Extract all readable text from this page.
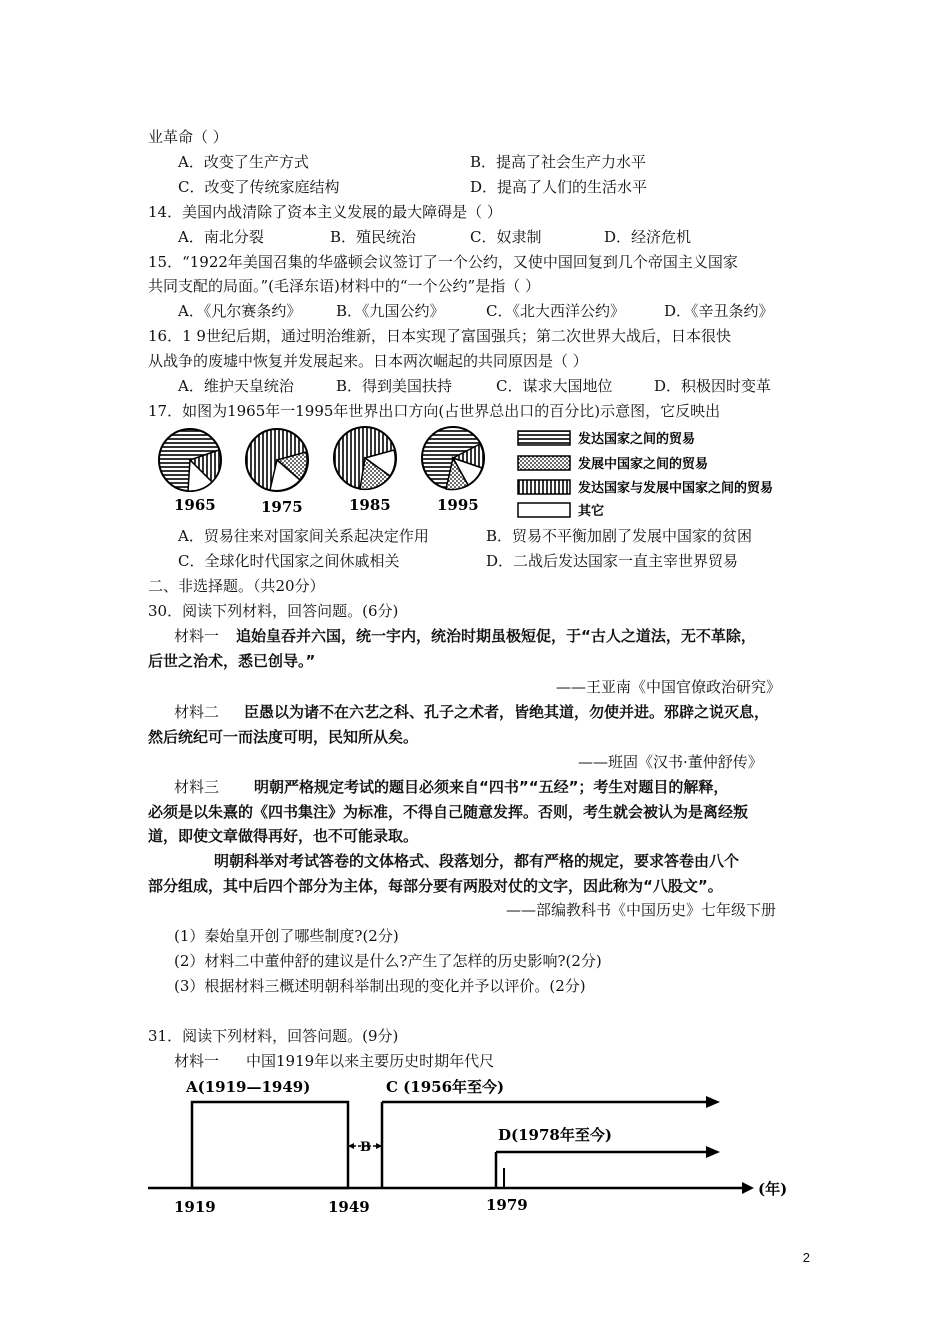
业革命（ ）
A．改变了生产方式	B．提高了社会生产力水平
C．改变了传统家庭结构	D．提高了人们的生活水平
14．美国内战清除了资本主义发展的最大障碍是（ ）
A．南北分裂	B．殖民统治	C．奴隶制	D．经济危机
15．“1922年美国召集的华盛顿会议签订了一个公约，又使中国回复到几个帝国主义国家
共同支配的局面。”(毛泽东语)材料中的“一个公约”是指（ ）
A．《凡尔赛条约》 B．《九国公约》	C．《北大西洋公约》	D．《辛丑条约》
16．1 9世纪后期，通过明治维新，日本实现了富国强兵；第二次世界大战后，日本很快
从战争的废墟中恢复并发展起来。日本两次崛起的共同原因是（ ）
A．维护天皇统治	B．得到美国扶持	C．谋求大国地位	D．积极因时变革
17．如图为1965年一1995年世界出口方向(占世界总出口的百分比)示意图，它反映出
1965	1975	1985	1995
发达国家之间的贸易
发展中国家之间的贸易
发达国家与发展中国家之间的贸易
其它
A．贸易往来对国家间关系起决定作用	B．贸易不平衡加剧了发展中国家的贫困
C．全球化时代国家之间休戚相关	D．二战后发达国家一直主宰世界贸易
二、非选择题。（共20分）
30．阅读下列材料，回答问题。(6分)
材料一 追始皇吞并六国，统一宇内，统治时期虽极短促，于“古人之道法，无不革除，
后世之治术，悉已创导。”
——王亚南《中国官僚政治研究》
材料二 臣愚以为诸不在六艺之科、孔子之术者，皆绝其道，勿使并进。邪辟之说灭息，
然后统纪可一而法度可明，民知所从矣。
——班固《汉书·董仲舒传》
材料三 明朝严格规定考试的题目必须来自“四书”“五经”；考生对题目的解释，
必须是以朱熹的《四书集注》为标准，不得自己随意发挥。否则，考生就会被认为是离经叛
道，即使文章做得再好，也不可能录取。
明朝科举对考试答卷的文体格式、段落划分，都有严格的规定，要求答卷由八个
部分组成，其中后四个部分为主体，每部分要有两股对仗的文字，因此称为“八股文”。
——部编教科书《中国历史》七年级下册
(1）秦始皇开创了哪些制度?(2分)
(2）材料二中董仲舒的建议是什么?产生了怎样的历史影响?(2分)
(3）根据材料三概述明朝科举制出现的变化并予以评价。(2分)
31．阅读下列材料，回答问题。(9分)
材料一 中国1919年以来主要历史时期年代尺
(年)
A(1919—1949)
B
C (1956年至今)
D(1978年至今)
1919	1949	1979
2
